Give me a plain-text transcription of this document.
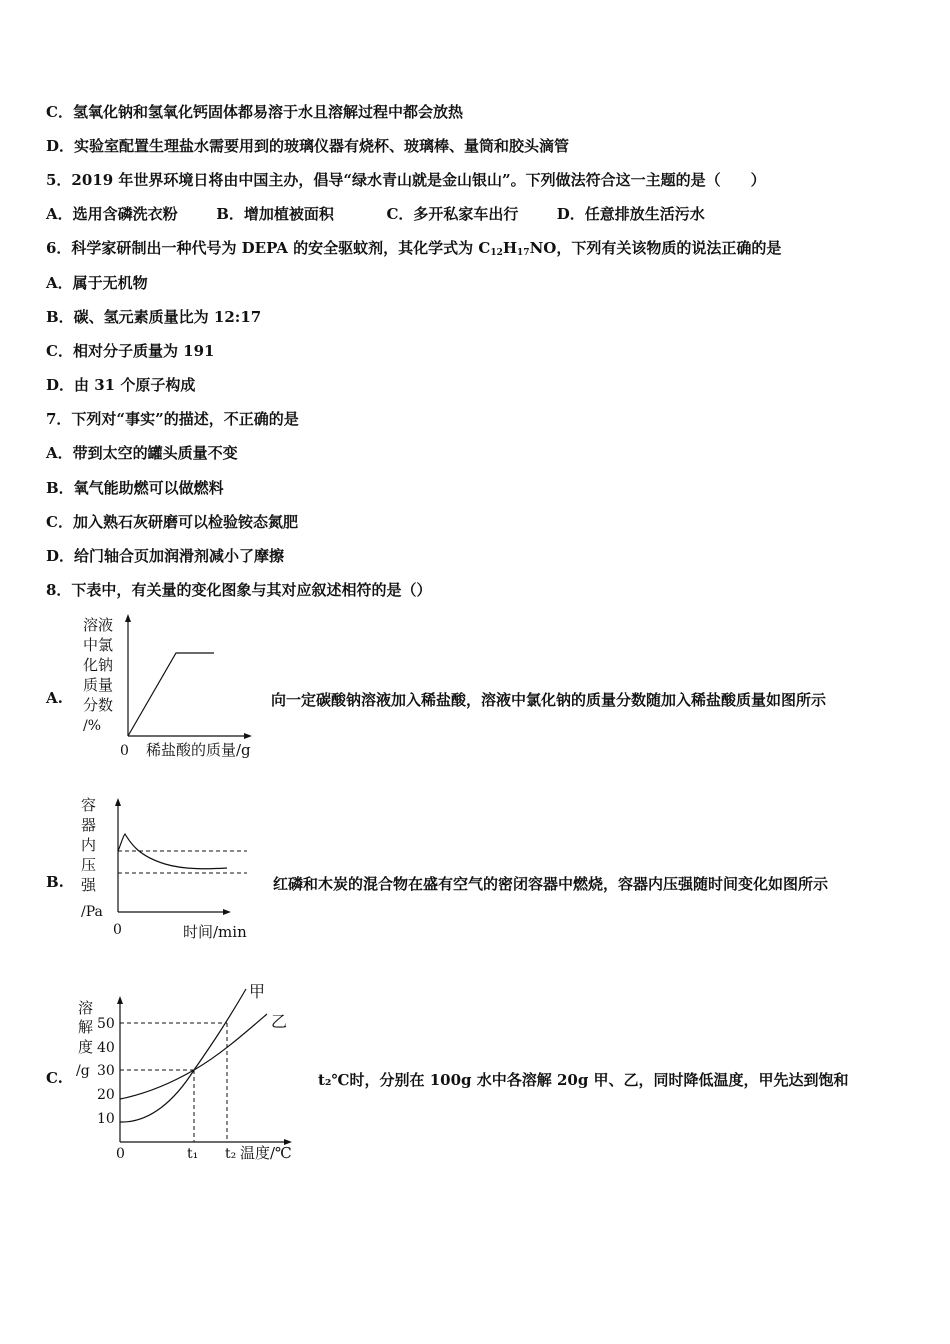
C．氢氧化钠和氢氧化钙固体都易溶于水且溶解过程中都会放热
D．实验室配置生理盐水需要用到的玻璃仪器有烧杯、玻璃棒、量筒和胶头滴管
5．2019 年世界环境日将由中国主办，倡导“绿水青山就是金山银山”。下列做法符合这一主题的是（　　）
A．选用含磷洗衣粉	B．增加植被面积	C．多开私家车出行	D．任意排放生活污水
6．科学家研制出一种代号为 DEPA 的安全驱蚊剂，其化学式为 $C_{12}H_{17}NO$，下列有关该物质的说法正确的是
A．属于无机物
B．碳、氢元素质量比为 12:17
C．相对分子质量为 191
D．由 31 个原子构成
7．下列对“事实”的描述，不正确的是
A．带到太空的罐头质量不变
B．氧气能助燃可以做燃料
C．加入熟石灰研磨可以检验铵态氮肥
D．给门轴合页加润滑剂减小了摩擦
8．下表中，有关量的变化图象与其对应叙述相符的是（）
A.
溶液
中氯
化钠
质量
分数
/%
0 稀盐酸的质量/g
向一定碳酸钠溶液加入稀盐酸，溶液中氯化钠的质量分数随加入稀盐酸质量如图所示
B.
容
器
内
压
强
/Pa
0	时间/min
红磷和木炭的混合物在盛有空气的密闭容器中燃烧，容器内压强随时间变化如图所示
C.
溶
解
度
/g
50
40
30
20
10
甲
乙
0	t₁ t₂ 温度/℃
t₂℃时，分别在 100g 水中各溶解 20g 甲、乙，同时降低温度，甲先达到饱和
